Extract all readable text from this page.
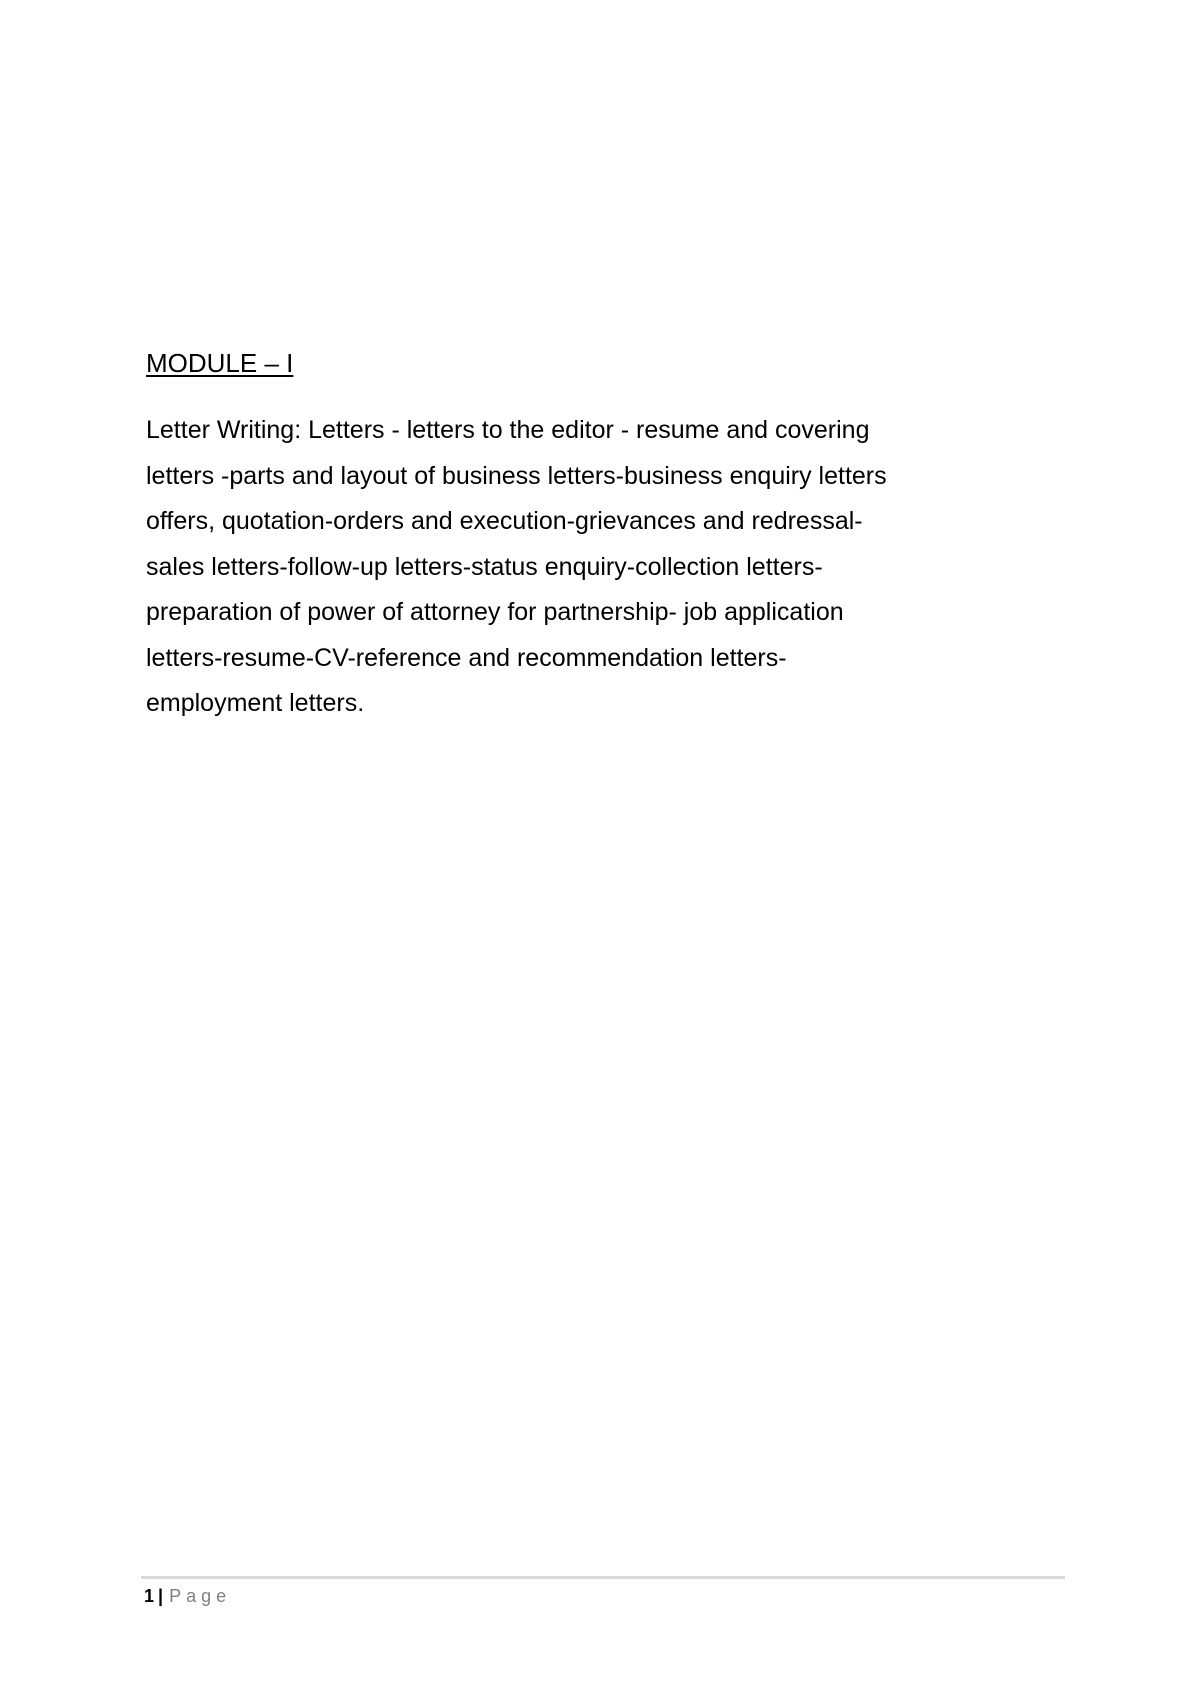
MODULE – I

Letter Writing: Letters - letters to the editor - resume and covering
letters -parts and layout of business letters-business enquiry letters
offers, quotation-orders and execution-grievances and redressal-
sales letters-follow-up letters-status enquiry-collection letters-
preparation of power of attorney for partnership- job application
letters-resume-CV-reference and recommendation letters-
employment letters.

1 | Page
